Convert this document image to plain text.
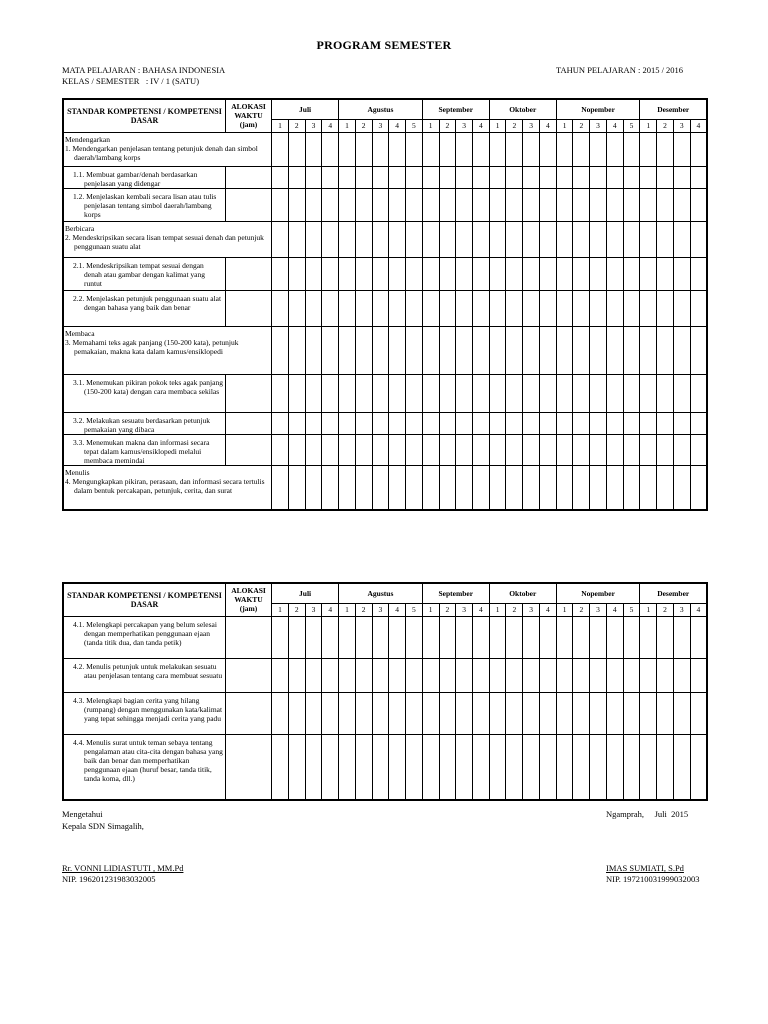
PROGRAM SEMESTER
MATA PELAJARAN : BAHASA INDONESIA
KELAS / SEMESTER   : IV / 1 (SATU)
TAHUN PELAJARAN : 2015 / 2016
STANDAR KOMPETENSI / KOMPETENSI DASAR	ALOKASI WAKTU (jam)	Juli				Agustus					September				Oktober				Nopember					Desember			
		1	2	3	4	1	2	3	4	5	1	2	3	4	1	2	3	4	1	2	3	4	5	1	2	3	4

Mendengarkan
1. Mendengarkan penjelasan tentang petunjuk denah dan simbol daerah/lambang korps																											

1.1. Membuat gambar/denah berdasarkan penjelasan yang didengar																											

1.2. Menjelaskan kembali secara lisan atau tulis penjelasan tentang simbol daerah/lambang korps																											

Berbicara
2. Mendeskripsikan secara lisan tempat sesuai denah dan petunjuk penggunaan suatu alat																											

2.1. Mendeskripsikan tempat sesuai dengan denah atau gambar dengan kalimat yang runtut																											

2.2. Menjelaskan petunjuk penggunaan suatu alat dengan bahasa yang baik dan benar																											

Membaca
3. Memahami teks agak panjang (150-200 kata), petunjuk pemakaian, makna kata dalam kamus/ensiklopedi																											

3.1. Menemukan pikiran pokok teks agak panjang (150-200 kata) dengan cara membaca sekilas																											

3.2. Melakukan sesuatu berdasarkan petunjuk pemakaian yang dibaca																											

3.3. Menemukan makna dan informasi secara tepat dalam kamus/ensiklopedi melalui membaca memindai																											

Menulis
4. Mengungkapkan pikiran, perasaan, dan informasi secara tertulis dalam bentuk percakapan, petunjuk, cerita, dan surat																											

STANDAR KOMPETENSI / KOMPETENSI DASAR	ALOKASI WAKTU (jam)	Juli				Agustus					September				Oktober				Nopember					Desember			
		1	2	3	4	1	2	3	4	5	1	2	3	4	1	2	3	4	1	2	3	4	5	1	2	3	4

4.1. Melengkapi percakapan yang belum selesai dengan memperhatikan penggunaan ejaan (tanda titik dua, dan tanda petik)																											

4.2. Menulis petunjuk untuk melakukan sesuatu atau penjelasan tentang cara membuat sesuatu																											

4.3. Melengkapi bagian cerita yang hilang (rumpang) dengan menggunakan kata/kalimat yang tepat sehingga menjadi cerita yang padu																											

4.4. Menulis surat untuk teman sebaya tentang pengalaman atau cita-cita dengan bahasa yang baik dan benar dan memperhatikan penggunaan ejaan (huruf besar, tanda titik, tanda koma, dll.)																											

Mengetahui
Kepala SDN Simagalih,
Ngamprah,     Juli  2015
Rr. VONNI LIDIASTUTI , MM.Pd
NIP. 196201231983032005
IMAS SUMIATI, S.Pd
NIP. 197210031999032003
